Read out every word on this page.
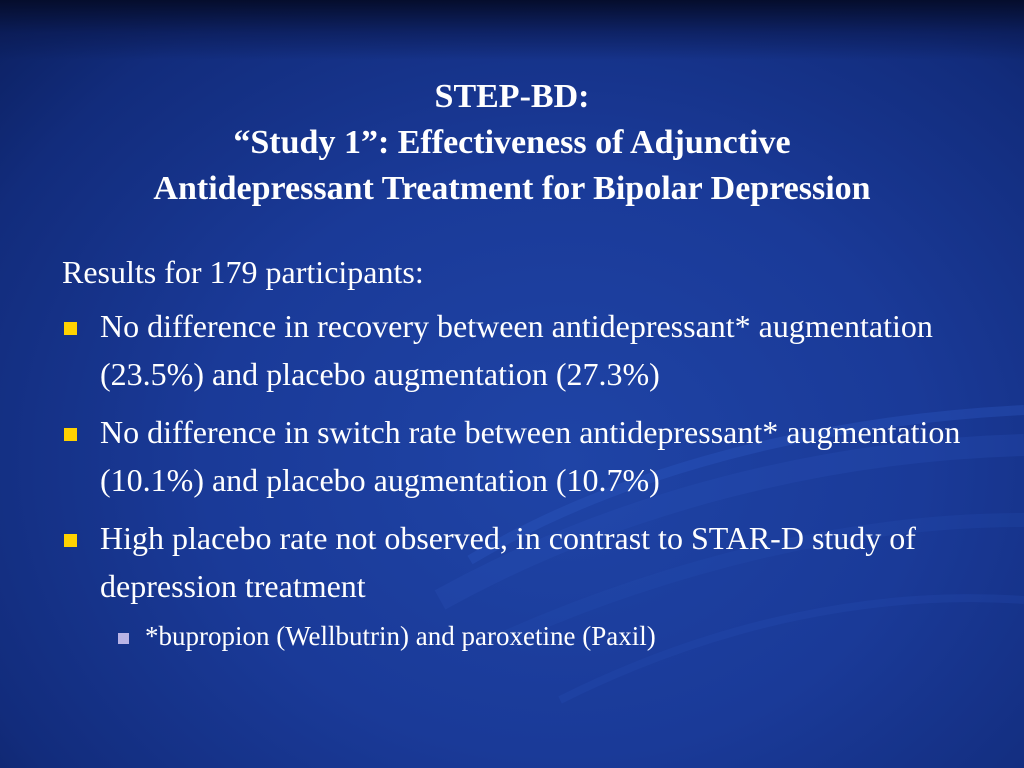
STEP-BD:
“Study 1”: Effectiveness of Adjunctive
Antidepressant Treatment for Bipolar Depression
Results for 179 participants:
No difference in recovery between antidepressant* augmentation (23.5%) and placebo augmentation (27.3%)
No difference in switch rate between antidepressant* augmentation (10.1%) and placebo augmentation (10.7%)
High placebo rate not observed, in contrast to STAR-D study of depression treatment
*bupropion (Wellbutrin) and paroxetine (Paxil)
